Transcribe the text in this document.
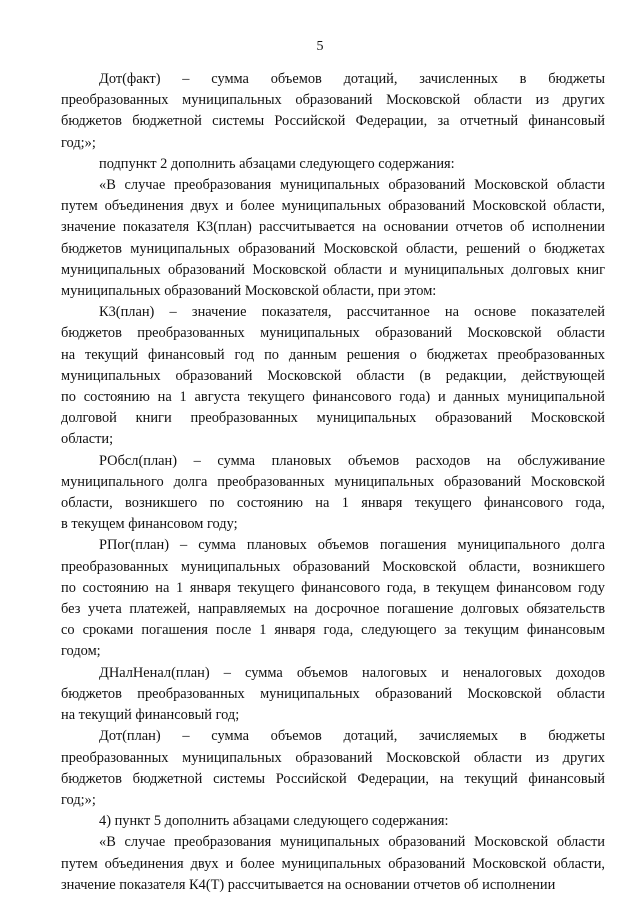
5
Дот(факт) – сумма объемов дотаций, зачисленных в бюджеты
преобразованных муниципальных образований Московской области из других
бюджетов бюджетной системы Российской Федерации, за отчетный финансовый
год;»;
подпункт 2 дополнить абзацами следующего содержания:
«В случае преобразования муниципальных образований Московской области
путем объединения двух и более муниципальных образований Московской области,
значение показателя К3(план) рассчитывается на основании отчетов об исполнении
бюджетов муниципальных образований Московской области, решений о бюджетах
муниципальных образований Московской области и муниципальных долговых книг
муниципальных образований Московской области, при этом:
К3(план) – значение показателя, рассчитанное на основе показателей
бюджетов преобразованных муниципальных образований Московской области
на текущий финансовый год по данным решения о бюджетах преобразованных
муниципальных образований Московской области (в редакции, действующей
по состоянию на 1 августа текущего финансового года) и данных муниципальной
долговой книги преобразованных муниципальных образований Московской
области;
РОбсл(план) – сумма плановых объемов расходов на обслуживание
муниципального долга преобразованных муниципальных образований Московской
области, возникшего по состоянию на 1 января текущего финансового года,
в текущем финансовом году;
РПог(план) – сумма плановых объемов погашения муниципального долга
преобразованных муниципальных образований Московской области, возникшего
по состоянию на 1 января текущего финансового года, в текущем финансовом году
без учета платежей, направляемых на досрочное погашение долговых обязательств
со сроками погашения после 1 января года, следующего за текущим финансовым
годом;
ДНалНенал(план) – сумма объемов налоговых и неналоговых доходов
бюджетов преобразованных муниципальных образований Московской области
на текущий финансовый год;
Дот(план) – сумма объемов дотаций, зачисляемых в бюджеты
преобразованных муниципальных образований Московской области из других
бюджетов бюджетной системы Российской Федерации, на текущий финансовый
год;»;
4) пункт 5 дополнить абзацами следующего содержания:
«В случае преобразования муниципальных образований Московской области
путем объединения двух и более муниципальных образований Московской области,
значение показателя К4(Т) рассчитывается на основании отчетов об исполнении
